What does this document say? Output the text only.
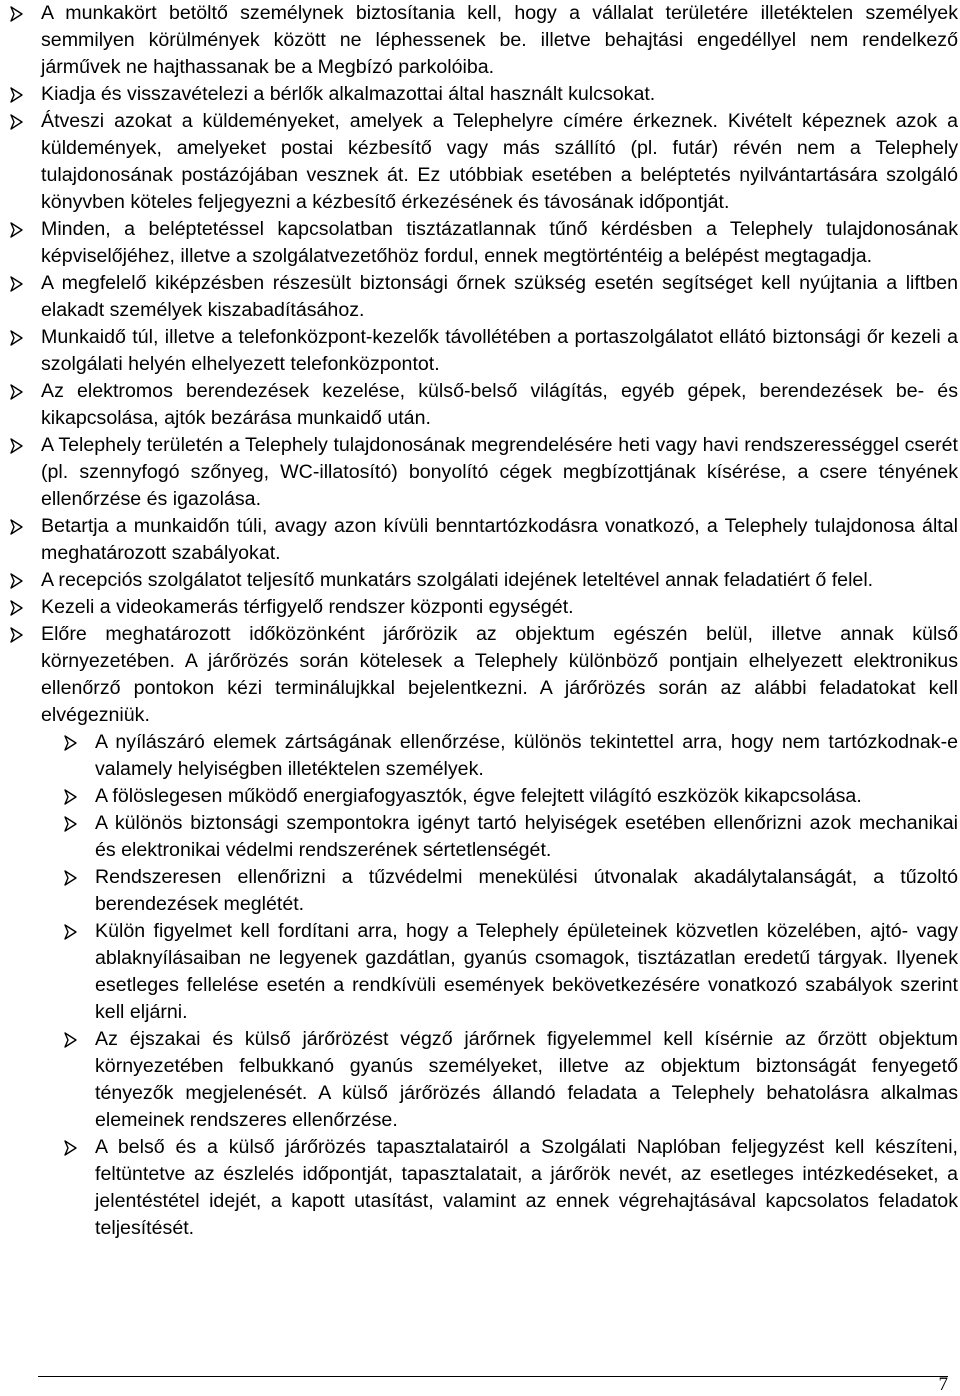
A munkakört betöltő személynek biztosítania kell, hogy a vállalat területére illetéktelen személyek semmilyen körülmények között ne léphessenek be. illetve behajtási engedéllyel nem rendelkező járművek ne hajthassanak be a Megbízó parkolóiba.
Kiadja és visszavételezi a bérlők alkalmazottai által használt kulcsokat.
Átveszi azokat a küldeményeket, amelyek a Telephelyre címére érkeznek. Kivételt képeznek azok a küldemények, amelyeket postai kézbesítő vagy más szállító (pl. futár) révén nem a Telephely tulajdonosának postázójában vesznek át. Ez utóbbiak esetében a beléptetés nyilvántartására szolgáló könyvben köteles feljegyezni a kézbesítő érkezésének és távosának időpontját.
Minden, a beléptetéssel kapcsolatban tisztázatlannak tűnő kérdésben a Telephely tulajdonosának képviselőjéhez, illetve a szolgálatvezetőhöz fordul, ennek megtörténtéig a belépést megtagadja.
A megfelelő kiképzésben részesült biztonsági őrnek szükség esetén segítséget kell nyújtania a liftben elakadt személyek kiszabadításához.
Munkaidő túl, illetve a telefonközpont-kezelők távollétében a portaszolgálatot ellátó biztonsági őr kezeli a szolgálati helyén elhelyezett telefonközpontot.
Az elektromos berendezések kezelése, külső-belső világítás, egyéb gépek, berendezések be- és kikapcsolása, ajtók bezárása munkaidő után.
A Telephely területén a Telephely tulajdonosának megrendelésére heti vagy havi rendszerességgel cserét (pl. szennyfogó szőnyeg, WC-illatosító) bonyolító cégek megbízottjának kísérése, a csere tényének ellenőrzése és igazolása.
Betartja a munkaidőn túli, avagy azon kívüli benntartózkodásra vonatkozó, a Telephely tulajdonosa által meghatározott szabályokat.
A recepciós szolgálatot teljesítő munkatárs szolgálati idejének leteltével annak feladatiért ő felel.
Kezeli a videokamerás térfigyelő rendszer központi egységét.
Előre meghatározott időközönként járőrözik az objektum egészén belül, illetve annak külső környezetében. A járőrözés során kötelesek a Telephely különböző pontjain elhelyezett elektronikus ellenőrző pontokon kézi terminálujkkal bejelentkezni. A járőrözés során az alábbi feladatokat kell elvégezniük.
A nyílászáró elemek zártságának ellenőrzése, különös tekintettel arra, hogy nem tartózkodnak-e valamely helyiségben illetéktelen személyek.
A fölöslegesen működő energiafogyasztók, égve felejtett világító eszközök kikapcsolása.
A különös biztonsági szempontokra igényt tartó helyiségek esetében ellenőrizni azok mechanikai és elektronikai védelmi rendszerének sértetlenségét.
Rendszeresen ellenőrizni a tűzvédelmi menekülési útvonalak akadálytalanságát, a tűzoltó berendezések meglétét.
Külön figyelmet kell fordítani arra, hogy a Telephely épületeinek közvetlen közelében, ajtó- vagy ablaknyílásaiban ne legyenek gazdátlan, gyanús csomagok, tisztázatlan eredetű tárgyak. Ilyenek esetleges fellelése esetén a rendkívüli események bekövetkezésére vonatkozó szabályok szerint kell eljárni.
Az éjszakai és külső járőrözést végző járőrnek figyelemmel kell kísérnie az őrzött objektum környezetében felbukkanó gyanús személyeket, illetve az objektum biztonságát fenyegető tényezők megjelenését. A külső járőrözés állandó feladata a Telephely behatolásra alkalmas elemeinek rendszeres ellenőrzése.
A belső és a külső járőrözés tapasztalatairól a Szolgálati Naplóban feljegyzést kell készíteni, feltüntetve az észlelés időpontját, tapasztalatait, a járőrök nevét, az esetleges intézkedéseket, a jelentéstétel idejét, a kapott utasítást, valamint az ennek végrehajtásával kapcsolatos feladatok teljesítését.
7
